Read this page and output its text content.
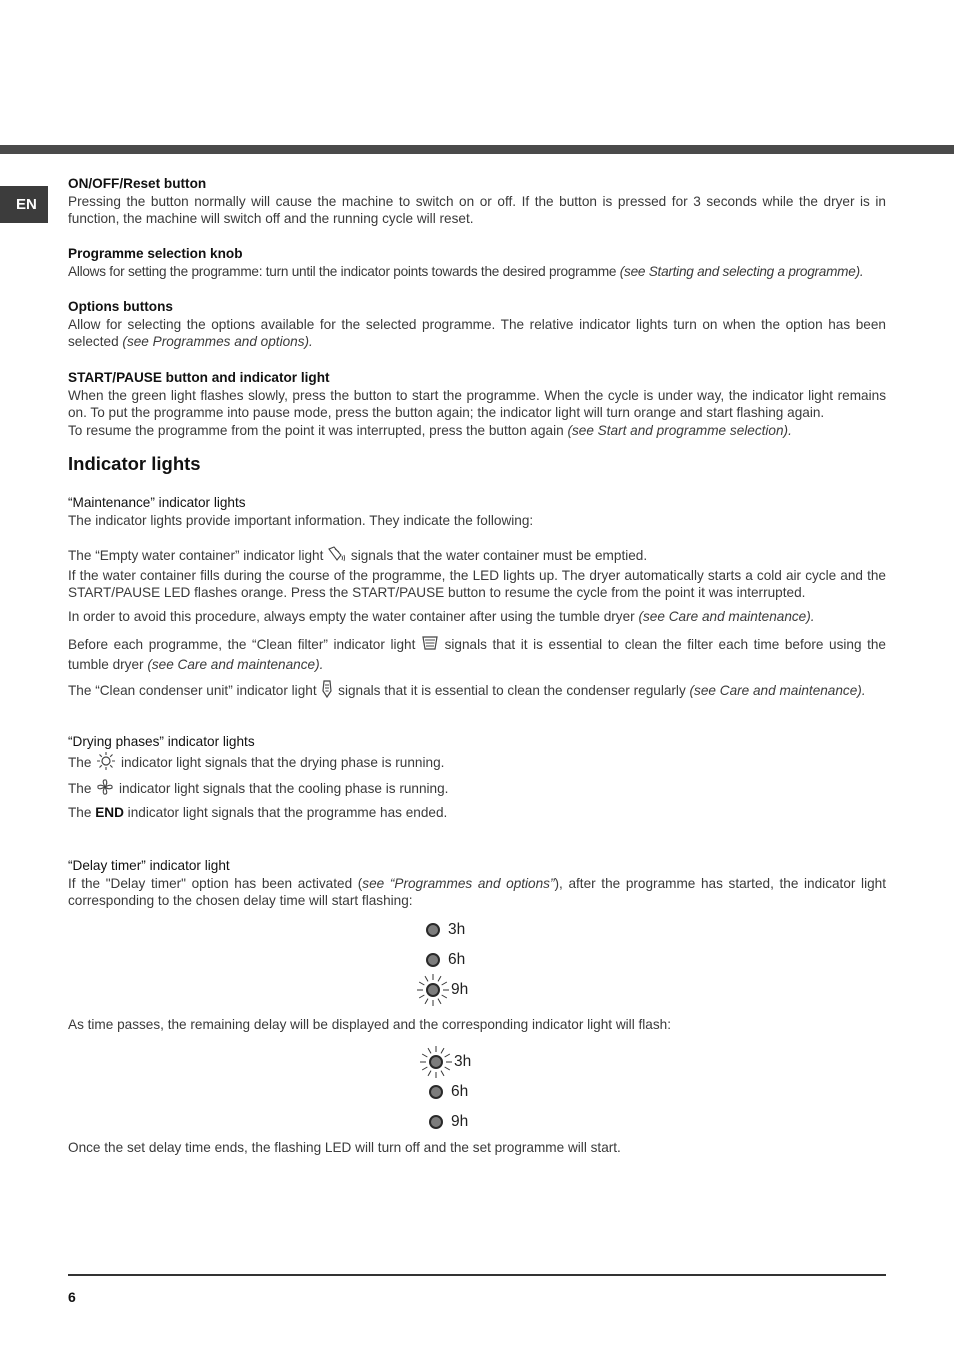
EN
ON/OFF/Reset button
Pressing the button normally will cause the machine to switch on or off. If the button is pressed for 3 seconds while the dryer is in function, the machine will switch off and the running cycle will reset.
Programme selection knob
Allows for setting the programme: turn until the indicator points towards the desired programme (see Starting and selecting a programme).
Options buttons
Allow for selecting the options available for the selected programme. The relative indicator lights turn on when the option has been selected (see Programmes and options).
START/PAUSE button and indicator light
When the green light flashes slowly, press the button to start the programme. When the cycle is under way, the indicator light remains on. To put the programme into pause mode, press the button again; the indicator light will turn orange and start flashing again.
To resume the programme from the point it was interrupted, press the button again (see Start and programme selection).
Indicator lights
“Maintenance” indicator lights
The indicator lights provide important information. They indicate the following:
The “Empty water container” indicator light  signals that the water container must be emptied.
If the water container fills during the course of the programme, the LED lights up. The dryer automatically starts a cold air cycle and the START/PAUSE LED flashes orange. Press the START/PAUSE button to resume the cycle from the point it was interrupted.
In order to avoid this procedure, always empty the water container after using the tumble dryer (see Care and maintenance).
Before each programme, the “Clean filter” indicator light  signals that it is essential to clean the filter each time before using the tumble dryer (see Care and maintenance).
The “Clean condenser unit” indicator light  signals that it is essential to clean the condenser regularly (see Care and maintenance).
“Drying phases” indicator lights
The  indicator light signals that the drying phase is running.
The  indicator light signals that the cooling phase is running.
The END indicator light signals that the programme has ended.
“Delay timer” indicator light
If the "Delay timer" option has been activated (see “Programmes and options”), after the programme has started, the indicator light corresponding to the chosen delay time will start flashing:
3h
6h
9h
As time passes, the remaining delay will be displayed and the corresponding indicator light will flash:
3h
6h
9h
Once the set delay time ends, the flashing LED will turn off and the set programme will start.
6
